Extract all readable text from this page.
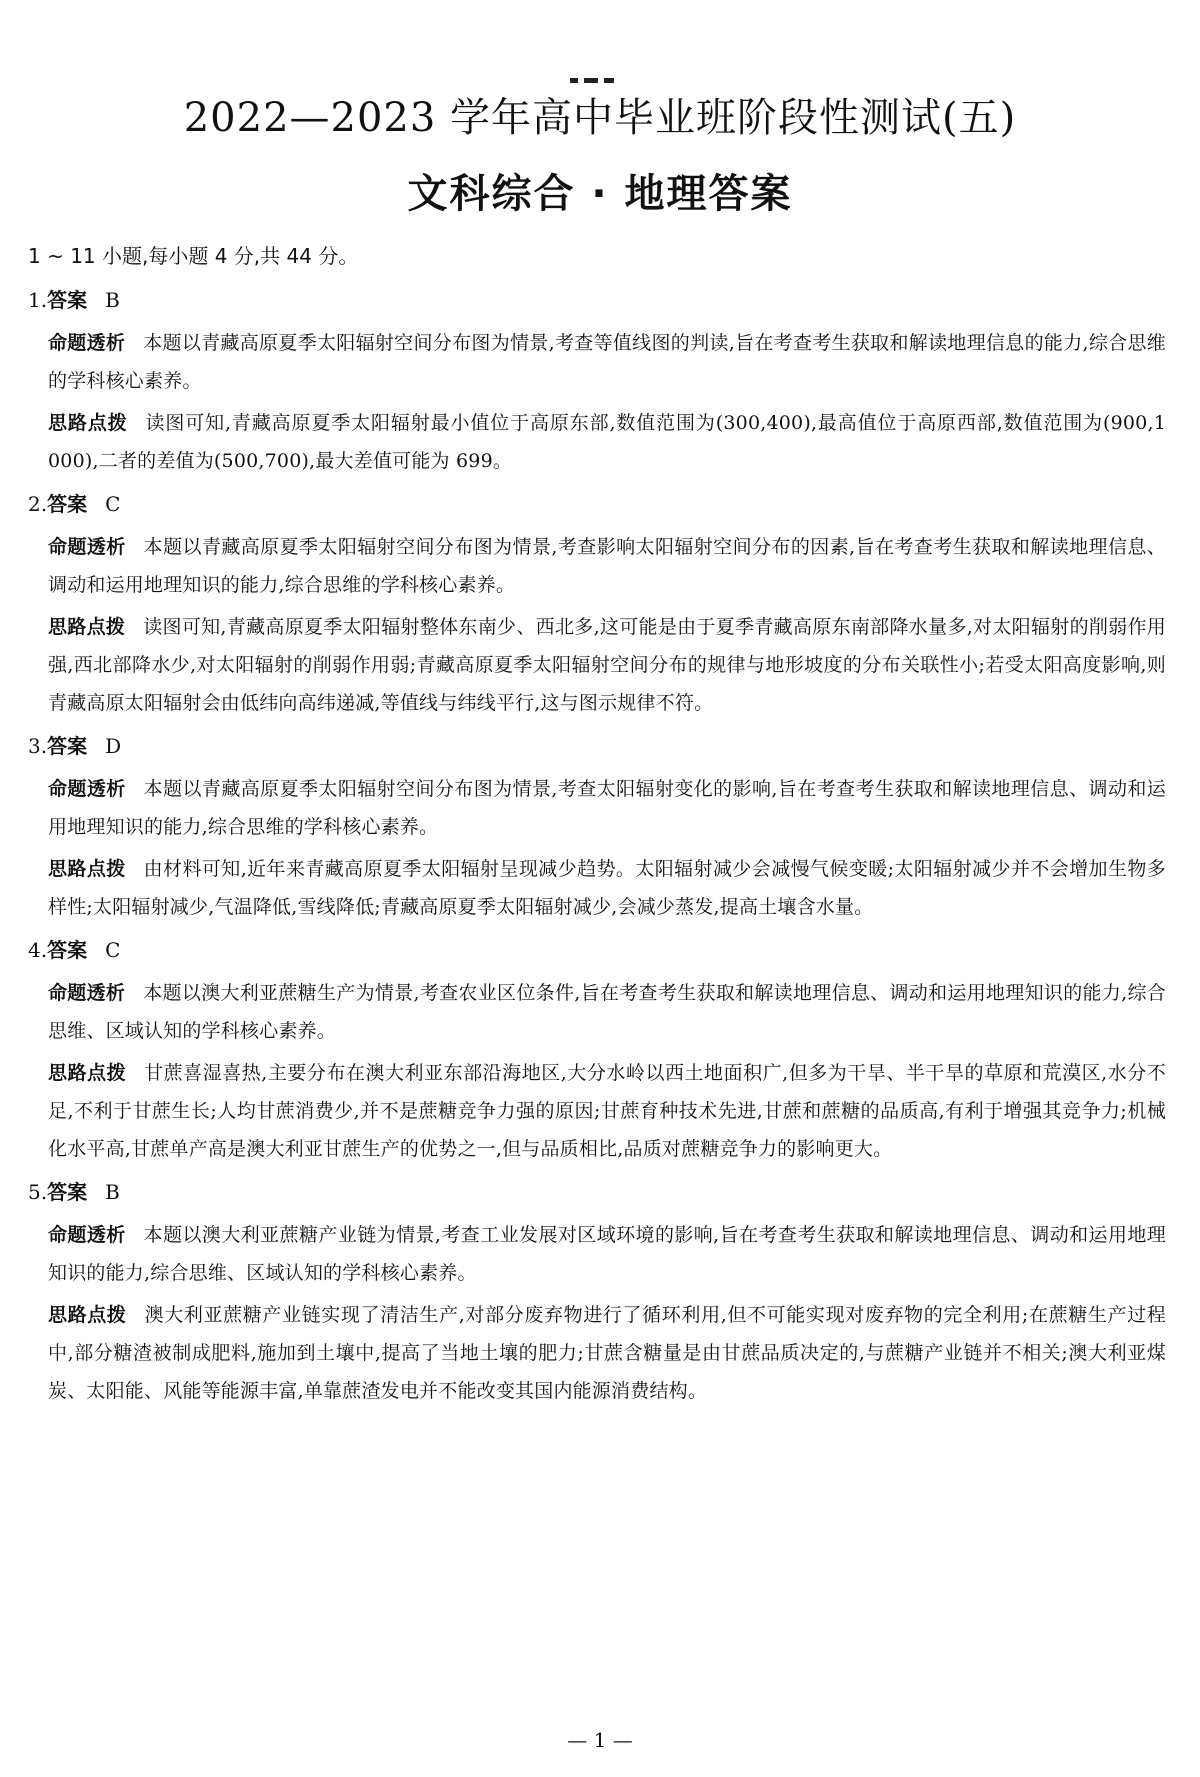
2022—2023 学年高中毕业班阶段性测试(五)
文科综合 · 地理答案
1 ~ 11 小题,每小题 4 分,共 44 分。
1.答案 B
命题透析 本题以青藏高原夏季太阳辐射空间分布图为情景,考查等值线图的判读,旨在考查考生获取和解读地理信息的能力,综合思维的学科核心素养。
思路点拨 读图可知,青藏高原夏季太阳辐射最小值位于高原东部,数值范围为(300,400),最高值位于高原西部,数值范围为(900,1 000),二者的差值为(500,700),最大差值可能为 699。
2.答案 C
命题透析 本题以青藏高原夏季太阳辐射空间分布图为情景,考查影响太阳辐射空间分布的因素,旨在考查考生获取和解读地理信息、调动和运用地理知识的能力,综合思维的学科核心素养。
思路点拨 读图可知,青藏高原夏季太阳辐射整体东南少、西北多,这可能是由于夏季青藏高原东南部降水量多,对太阳辐射的削弱作用强,西北部降水少,对太阳辐射的削弱作用弱;青藏高原夏季太阳辐射空间分布的规律与地形坡度的分布关联性小;若受太阳高度影响,则青藏高原太阳辐射会由低纬向高纬递减,等值线与纬线平行,这与图示规律不符。
3.答案 D
命题透析 本题以青藏高原夏季太阳辐射空间分布图为情景,考查太阳辐射变化的影响,旨在考查考生获取和解读地理信息、调动和运用地理知识的能力,综合思维的学科核心素养。
思路点拨 由材料可知,近年来青藏高原夏季太阳辐射呈现减少趋势。太阳辐射减少会减慢气候变暖;太阳辐射减少并不会增加生物多样性;太阳辐射减少,气温降低,雪线降低;青藏高原夏季太阳辐射减少,会减少蒸发,提高土壤含水量。
4.答案 C
命题透析 本题以澳大利亚蔗糖生产为情景,考查农业区位条件,旨在考查考生获取和解读地理信息、调动和运用地理知识的能力,综合思维、区域认知的学科核心素养。
思路点拨 甘蔗喜湿喜热,主要分布在澳大利亚东部沿海地区,大分水岭以西土地面积广,但多为干旱、半干旱的草原和荒漠区,水分不足,不利于甘蔗生长;人均甘蔗消费少,并不是蔗糖竞争力强的原因;甘蔗育种技术先进,甘蔗和蔗糖的品质高,有利于增强其竞争力;机械化水平高,甘蔗单产高是澳大利亚甘蔗生产的优势之一,但与品质相比,品质对蔗糖竞争力的影响更大。
5.答案 B
命题透析 本题以澳大利亚蔗糖产业链为情景,考查工业发展对区域环境的影响,旨在考查考生获取和解读地理信息、调动和运用地理知识的能力,综合思维、区域认知的学科核心素养。
思路点拨 澳大利亚蔗糖产业链实现了清洁生产,对部分废弃物进行了循环利用,但不可能实现对废弃物的完全利用;在蔗糖生产过程中,部分糖渣被制成肥料,施加到土壤中,提高了当地土壤的肥力;甘蔗含糖量是由甘蔗品质决定的,与蔗糖产业链并不相关;澳大利亚煤炭、太阳能、风能等能源丰富,单靠蔗渣发电并不能改变其国内能源消费结构。
— 1 —
